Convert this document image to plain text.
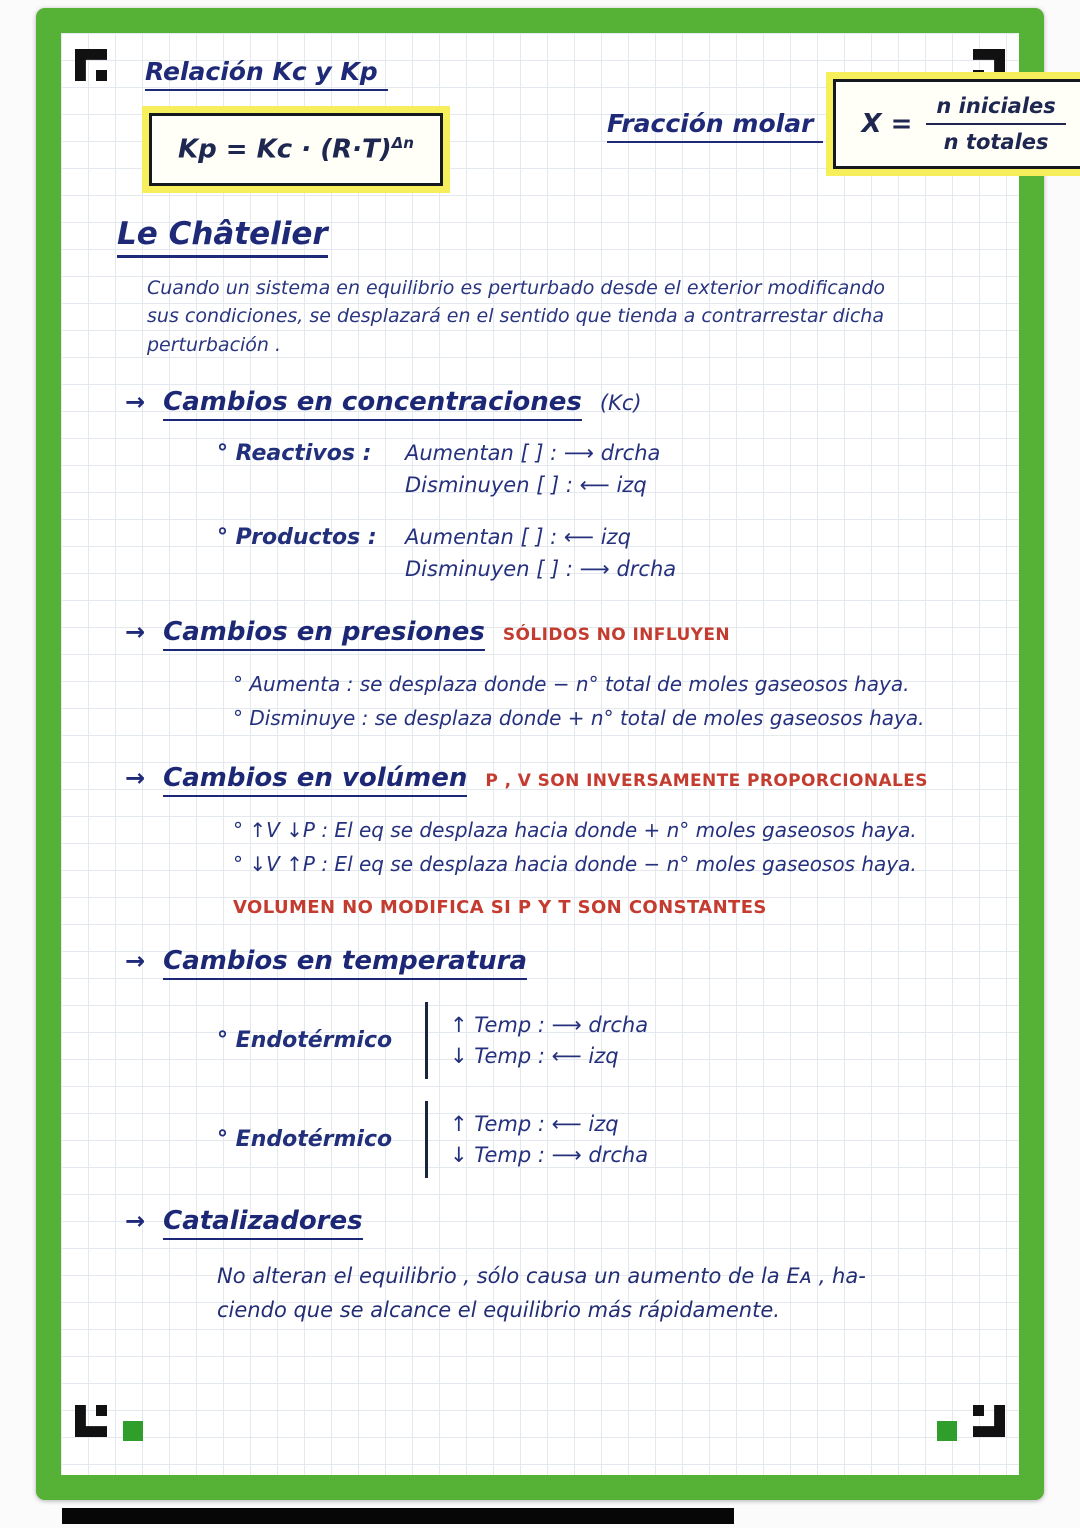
Relación Kc y Kp $Kp = Kc \cdot (R\cdot T)^{\Delta n}$
Fracción molar $X = \frac{\text{n iniciales}}{\text{n totales}}$
Le Châtelier
Cuando un sistema en equilibrio es perturbado desde el exterior modificando
sus condiciones, se desplazará en el sentido que tienda a contrarrestar dicha
perturbación .
→ Cambios en concentraciones (Kc)
° Reactivos :	Aumentan [ ] : ⟶ drcha
Disminuyen [ ] : ⟵ izq
° Productos :	Aumentan [ ] : ⟵ izq
Disminuyen [ ] : ⟶ drcha
→ Cambios en presiones SÓLIDOS NO INFLUYEN
° Aumenta : se desplaza donde − n° total de moles gaseosos haya.
° Disminuye : se desplaza donde + n° total de moles gaseosos haya.
→ Cambios en volúmen P , V SON INVERSAMENTE PROPORCIONALES
° ↑V ↓P : El eq se desplaza hacia donde + n° moles gaseosos haya.
° ↓V ↑P : El eq se desplaza hacia donde − n° moles gaseosos haya.
VOLUMEN NO MODIFICA SI P Y T SON CONSTANTES
→ Cambios en temperatura
° Endotérmico
↑ Temp : ⟶ drcha
↓ Temp : ⟵ izq
° Endotérmico
↑ Temp : ⟵ izq
↓ Temp : ⟶ drcha
→ Catalizadores
No alteran el equilibrio , sólo causa un aumento de la Eᴀ , ha-
ciendo que se alcance el equilibrio más rápidamente.
